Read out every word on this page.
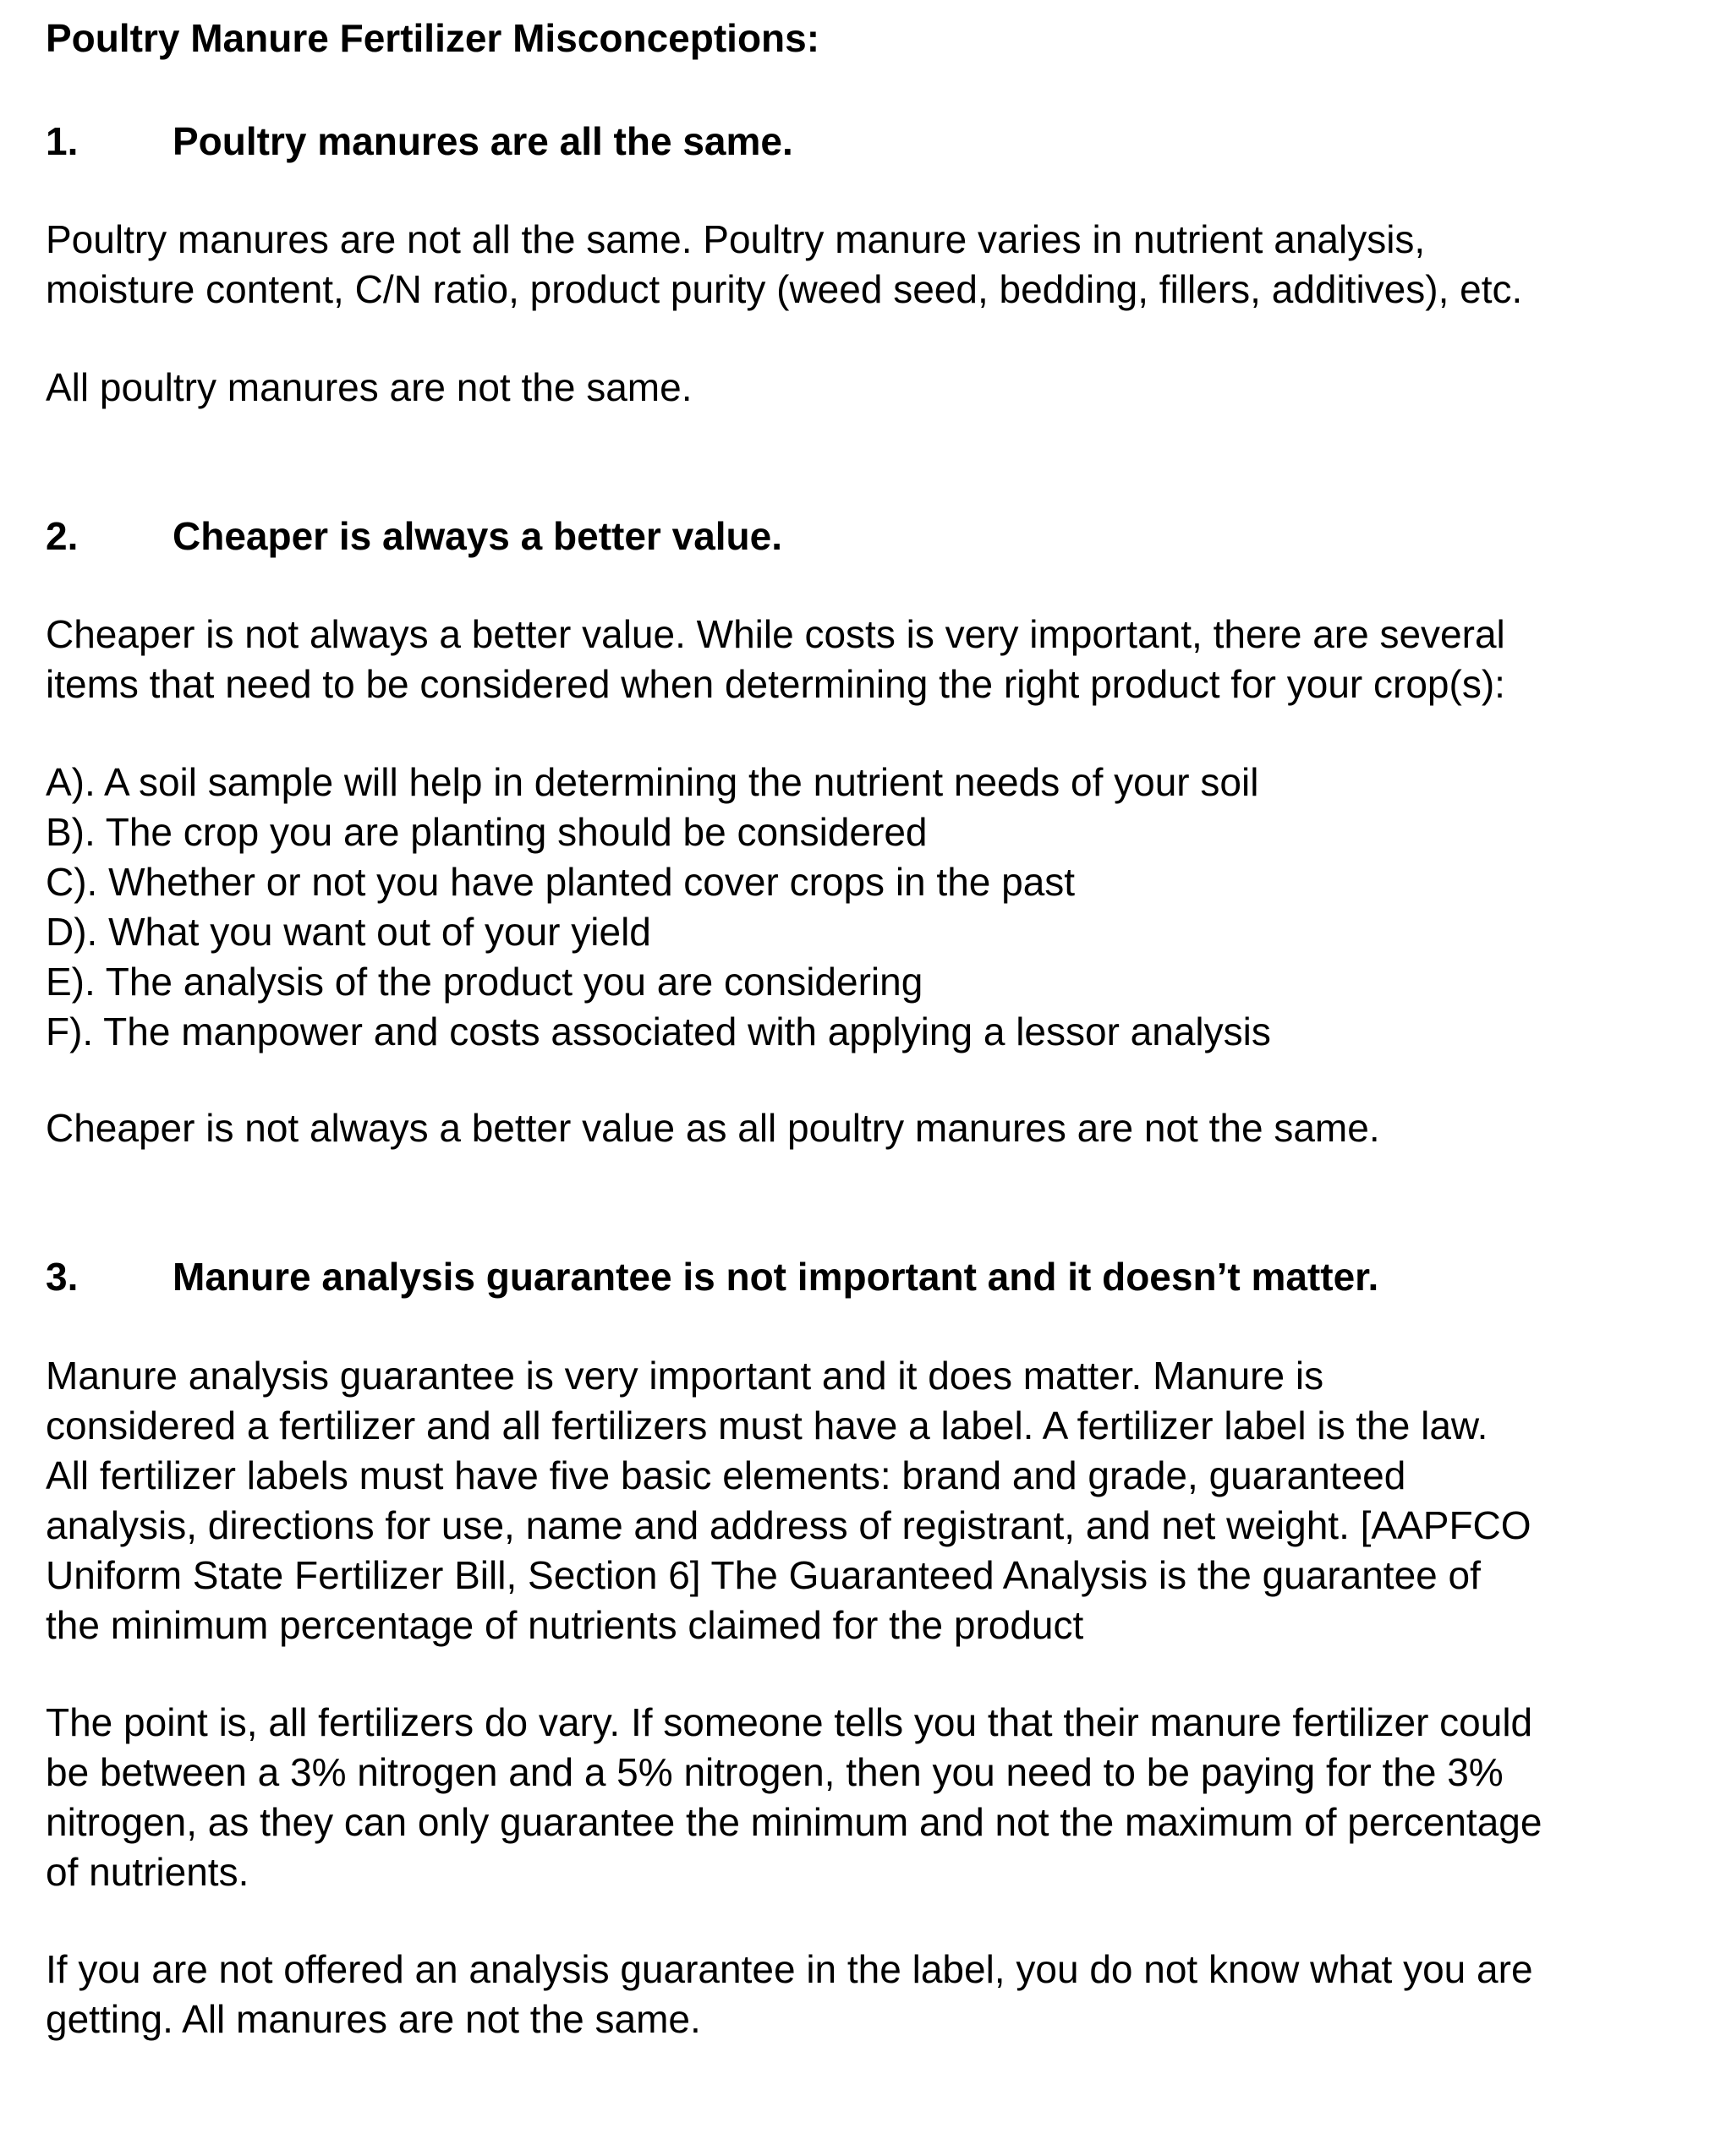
Poultry Manure Fertilizer Misconceptions:
1. Poultry manures are all the same.
Poultry manures are not all the same. Poultry manure varies in nutrient analysis,
moisture content, C/N ratio, product purity (weed seed, bedding, fillers, additives), etc.
All poultry manures are not the same.
2. Cheaper is always a better value.
Cheaper is not always a better value. While costs is very important, there are several
items that need to be considered when determining the right product for your crop(s):
A). A soil sample will help in determining the nutrient needs of your soil
B). The crop you are planting should be considered
C). Whether or not you have planted cover crops in the past
D). What you want out of your yield
E). The analysis of the product you are considering
F). The manpower and costs associated with applying a lessor analysis
Cheaper is not always a better value as all poultry manures are not the same.
3. Manure analysis guarantee is not important and it doesn’t matter.
Manure analysis guarantee is very important and it does matter. Manure is
considered a fertilizer and all fertilizers must have a label. A fertilizer label is the law.
All fertilizer labels must have five basic elements: brand and grade, guaranteed
analysis, directions for use, name and address of registrant, and net weight. [AAPFCO
Uniform State Fertilizer Bill, Section 6] The Guaranteed Analysis is the guarantee of
the minimum percentage of nutrients claimed for the product
The point is, all fertilizers do vary. If someone tells you that their manure fertilizer could
be between a 3% nitrogen and a 5% nitrogen, then you need to be paying for the 3%
nitrogen, as they can only guarantee the minimum and not the maximum of percentage
of nutrients.
If you are not offered an analysis guarantee in the label, you do not know what you are
getting. All manures are not the same.
